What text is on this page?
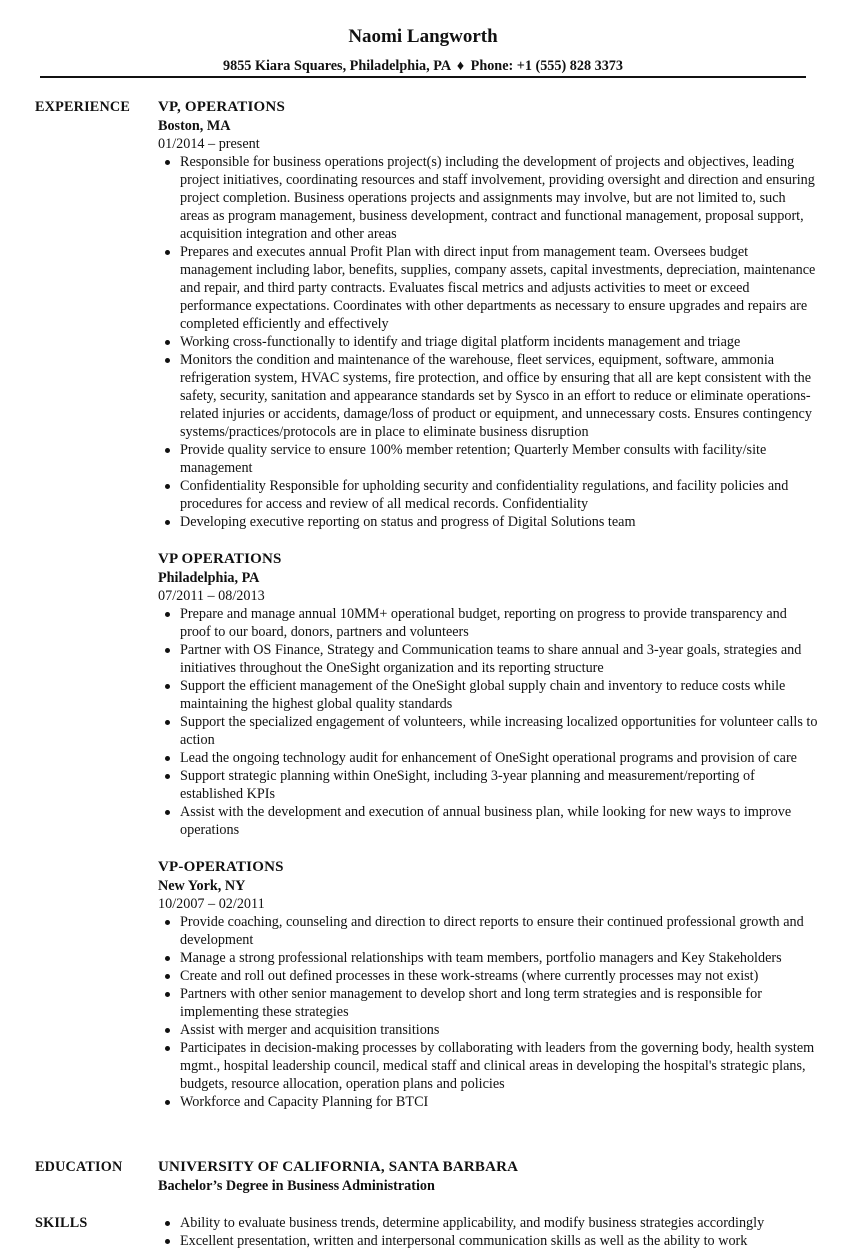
Naomi Langworth
9855 Kiara Squares, Philadelphia, PA ♦ Phone: +1 (555) 828 3373
EXPERIENCE VP, OPERATIONS
Boston, MA
01/2014 – present
Responsible for business operations project(s) including the development of projects and objectives, leading project initiatives, coordinating resources and staff involvement, providing oversight and direction and ensuring project completion. Business operations projects and assignments may involve, but are not limited to, such areas as program management, business development, contract and functional management, proposal support, acquisition integration and other areas
Prepares and executes annual Profit Plan with direct input from management team. Oversees budget management including labor, benefits, supplies, company assets, capital investments, depreciation, maintenance and repair, and third party contracts. Evaluates fiscal metrics and adjusts activities to meet or exceed performance expectations. Coordinates with other departments as necessary to ensure upgrades and repairs are completed efficiently and effectively
Working cross-functionally to identify and triage digital platform incidents management and triage
Monitors the condition and maintenance of the warehouse, fleet services, equipment, software, ammonia refrigeration system, HVAC systems, fire protection, and office by ensuring that all are kept consistent with the safety, security, sanitation and appearance standards set by Sysco in an effort to reduce or eliminate operations-related injuries or accidents, damage/loss of product or equipment, and unnecessary costs. Ensures contingency systems/practices/protocols are in place to eliminate business disruption
Provide quality service to ensure 100% member retention; Quarterly Member consults with facility/site management
Confidentiality Responsible for upholding security and confidentiality regulations, and facility policies and procedures for access and review of all medical records. Confidentiality
Developing executive reporting on status and progress of Digital Solutions team
VP OPERATIONS
Philadelphia, PA
07/2011 – 08/2013
Prepare and manage annual 10MM+ operational budget, reporting on progress to provide transparency and proof to our board, donors, partners and volunteers
Partner with OS Finance, Strategy and Communication teams to share annual and 3-year goals, strategies and initiatives throughout the OneSight organization and its reporting structure
Support the efficient management of the OneSight global supply chain and inventory to reduce costs while maintaining the highest global quality standards
Support the specialized engagement of volunteers, while increasing localized opportunities for volunteer calls to action
Lead the ongoing technology audit for enhancement of OneSight operational programs and provision of care
Support strategic planning within OneSight, including 3-year planning and measurement/reporting of established KPIs
Assist with the development and execution of annual business plan, while looking for new ways to improve operations
VP-OPERATIONS
New York, NY
10/2007 – 02/2011
Provide coaching, counseling and direction to direct reports to ensure their continued professional growth and development
Manage a strong professional relationships with team members, portfolio managers and Key Stakeholders
Create and roll out defined processes in these work-streams (where currently processes may not exist)
Partners with other senior management to develop short and long term strategies and is responsible for implementing these strategies
Assist with merger and acquisition transitions
Participates in decision-making processes by collaborating with leaders from the governing body, health system mgmt., hospital leadership council, medical staff and clinical areas in developing the hospital's strategic plans, budgets, resource allocation, operation plans and policies
Workforce and Capacity Planning for BTCI
EDUCATION UNIVERSITY OF CALIFORNIA, SANTA BARBARA
Bachelor’s Degree in Business Administration
SKILLS	Ability to evaluate business trends, determine applicability, and modify business strategies accordingly
Excellent presentation, written and interpersonal communication skills as well as the ability to work
